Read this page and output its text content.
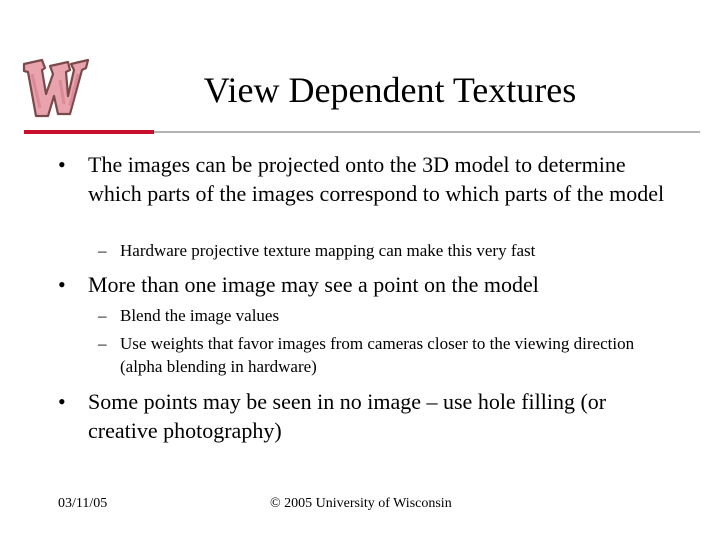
View Dependent Textures
•	The images can be projected onto the 3D model to determine which parts of the images correspond to which parts of the model
– Hardware projective texture mapping can make this very fast
•	More than one image may see a point on the model
– Blend the image values
– Use weights that favor images from cameras closer to the viewing direction (alpha blending in hardware)
•	Some points may be seen in no image – use hole filling (or creative photography)
03/11/05	© 2005 University of Wisconsin
